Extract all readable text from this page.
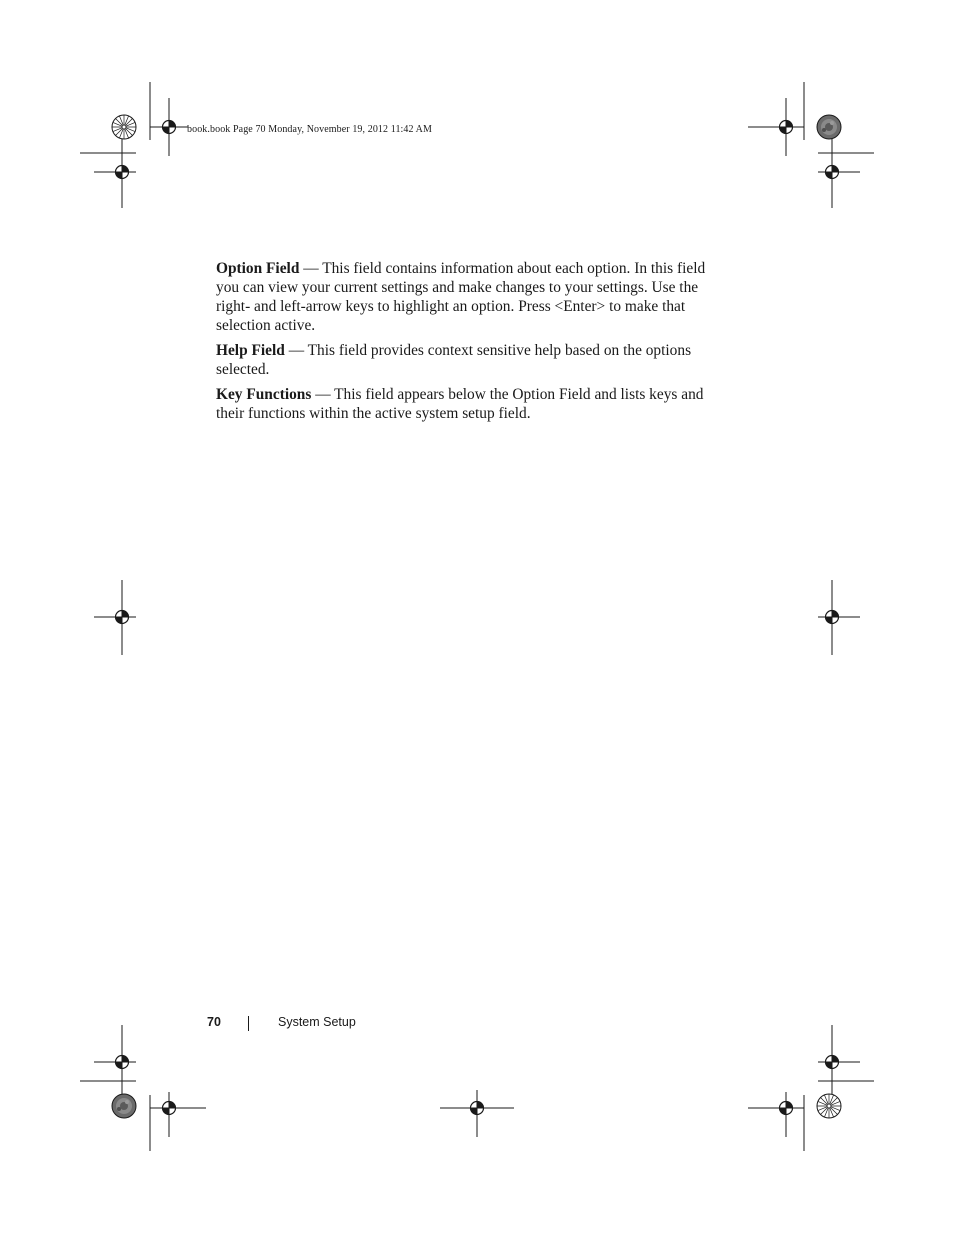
book.book Page 70 Monday, November 19, 2012 11:42 AM

Option Field — This field contains information about each option. In this field you can view your current settings and make changes to your settings. Use the right- and left-arrow keys to highlight an option. Press <Enter> to make that selection active.

Help Field — This field provides context sensitive help based on the options selected.

Key Functions — This field appears below the Option Field and lists keys and their functions within the active system setup field.

70	System Setup
